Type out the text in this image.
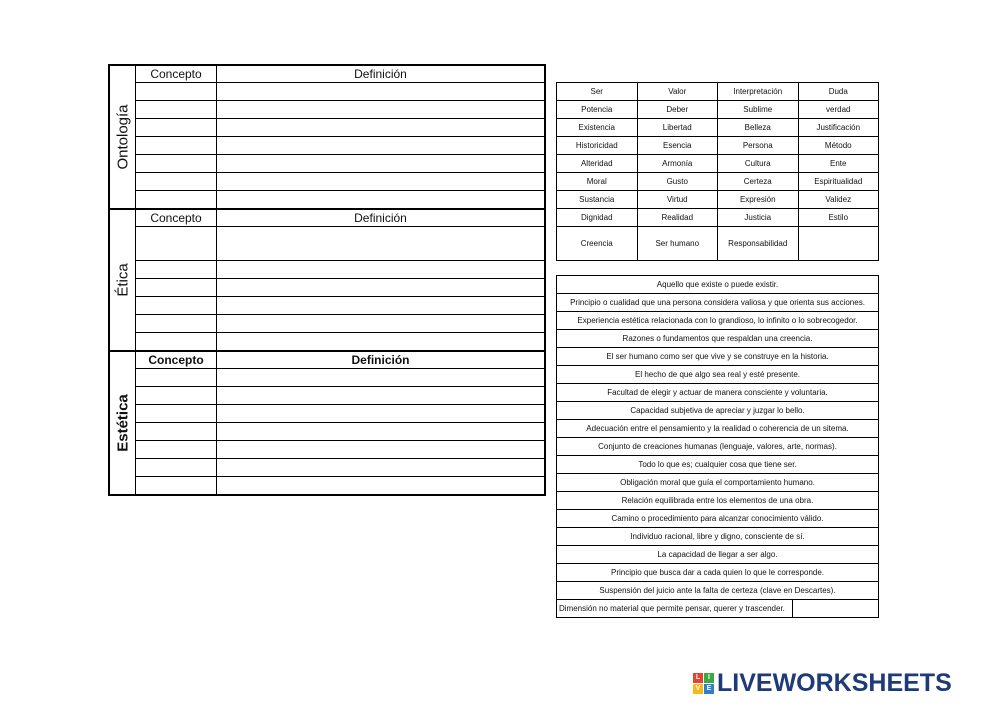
Ontología
Concepto	Definición

Ética
Concepto	Definición

Estética
Concepto	Definición

Ser	Valor	Interpretación	Duda
Potencia	Deber	Sublime	verdad
Existencia	Libertad	Belleza	Justificación
Historicidad	Esencia	Persona	Método
Alteridad	Armonía	Cultura	Ente
Moral	Gusto	Certeza	Espiritualidad
Sustancia	Virtud	Expresión	Validez
Dignidad	Realidad	Justicia	Estilo
Creencia	Ser humano	Responsabilidad	
Aquello que existe o puede existir.
Principio o cualidad que una persona considera valiosa y que orienta sus acciones.
Experiencia estética relacionada con lo grandioso, lo infinito o lo sobrecogedor.
Razones o fundamentos que respaldan una creencia.
El ser humano como ser que vive y se construye en la historia.
El hecho de que algo sea real y esté presente.
Facultad de elegir y actuar de manera consciente y voluntaria.
Capacidad subjetiva de apreciar y juzgar lo bello.
Adecuación entre el pensamiento y la realidad o coherencia de un sitema.
Conjunto de creaciones humanas (lenguaje, valores, arte, normas).
Todo lo que es; cualquier cosa que tiene ser.
Obligación moral que guía el comportamiento humano.
Relación equilibrada entre los elementos de una obra.
Camino o procedimiento para alcanzar conocimiento válido.
Individuo racional, libre y digno, consciente de sí.
La capacidad de llegar a ser algo.
Principio que busca dar a cada quien lo que le corresponde.
Suspensión del juicio ante la falta de certeza (clave en Descartes).
Dimensión no material que permite pensar, querer y trascender.	
L	I
V E LIVEWORKSHEETS
